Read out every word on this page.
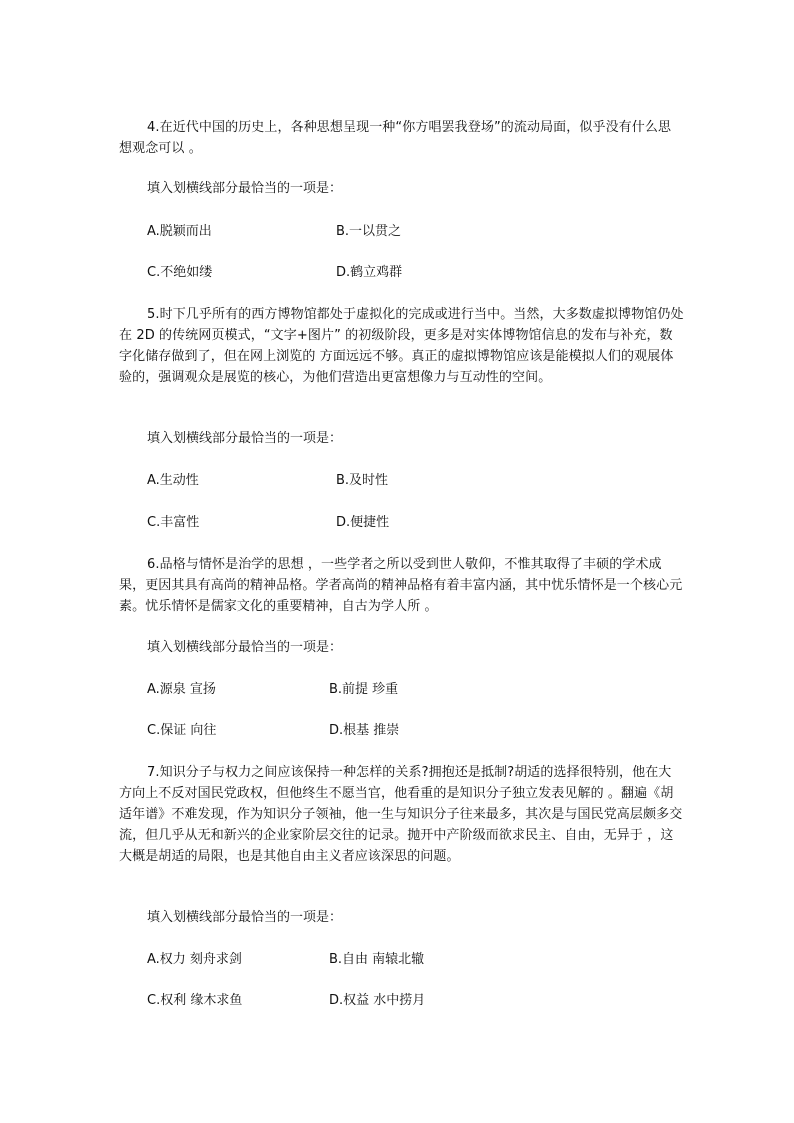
4.在近代中国的历史上，各种思想呈现一种“你方唱罢我登场”的流动局面，似乎没有什么思想观念可以 。
填入划横线部分最恰当的一项是：
A.脱颖而出	B.一以贯之
C.不绝如缕	D.鹤立鸡群
5.时下几乎所有的西方博物馆都处于虚拟化的完成或进行当中。当然，大多数虚拟博物馆仍处在 2D 的传统网页模式，“文字+图片” 的初级阶段，更多是对实体博物馆信息的发布与补充，数字化储存做到了，但在网上浏览的 方面远远不够。真正的虚拟博物馆应该是能模拟人们的观展体验的，强调观众是展览的核心，为他们营造出更富想像力与互动性的空间。
填入划横线部分最恰当的一项是：
A.生动性	B.及时性
C.丰富性	D.便捷性
6.品格与情怀是治学的思想 ，一些学者之所以受到世人敬仰，不惟其取得了丰硕的学术成果，更因其具有高尚的精神品格。学者高尚的精神品格有着丰富内涵，其中忧乐情怀是一个核心元素。忧乐情怀是儒家文化的重要精神，自古为学人所 。
填入划横线部分最恰当的一项是：
A.源泉 宣扬	B.前提 珍重
C.保证 向往	D.根基 推崇
7.知识分子与权力之间应该保持一种怎样的关系?拥抱还是抵制?胡适的选择很特别，他在大方向上不反对国民党政权，但他终生不愿当官，他看重的是知识分子独立发表见解的 。翻遍《胡适年谱》不难发现，作为知识分子领袖，他一生与知识分子往来最多，其次是与国民党高层颇多交流，但几乎从无和新兴的企业家阶层交往的记录。抛开中产阶级而欲求民主、自由，无异于 ，这大概是胡适的局限，也是其他自由主义者应该深思的问题。
填入划横线部分最恰当的一项是：
A.权力 刻舟求剑	B.自由 南辕北辙
C.权利 缘木求鱼	D.权益 水中捞月
